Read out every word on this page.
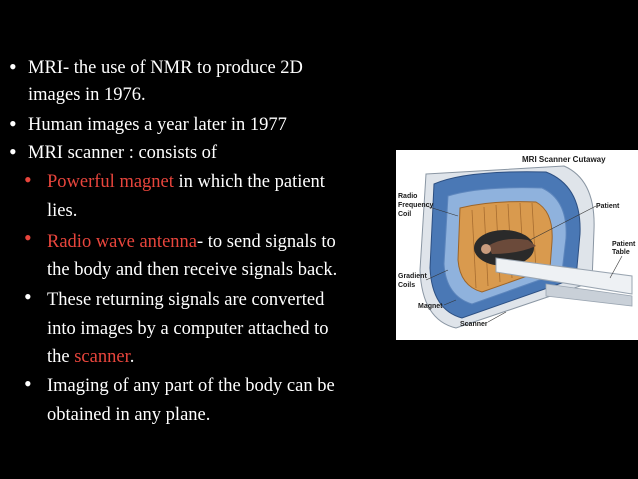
• MRI- the use of NMR to produce 2D
images in 1976.
• Human images a year later in 1977
• MRI scanner : consists of
• Powerful magnet in which the patient
lies.
• Radio wave antenna- to send signals to
the body and then receive signals back.
• These returning signals are converted
into images by a computer attached to
the scanner.
• Imaging of any part of the body can be
obtained in any plane.
MRI Scanner Cutaway
Radio
Frequency
Coil
Patient
Patient
Table
Gradient
Coils
Magnet
Scanner
